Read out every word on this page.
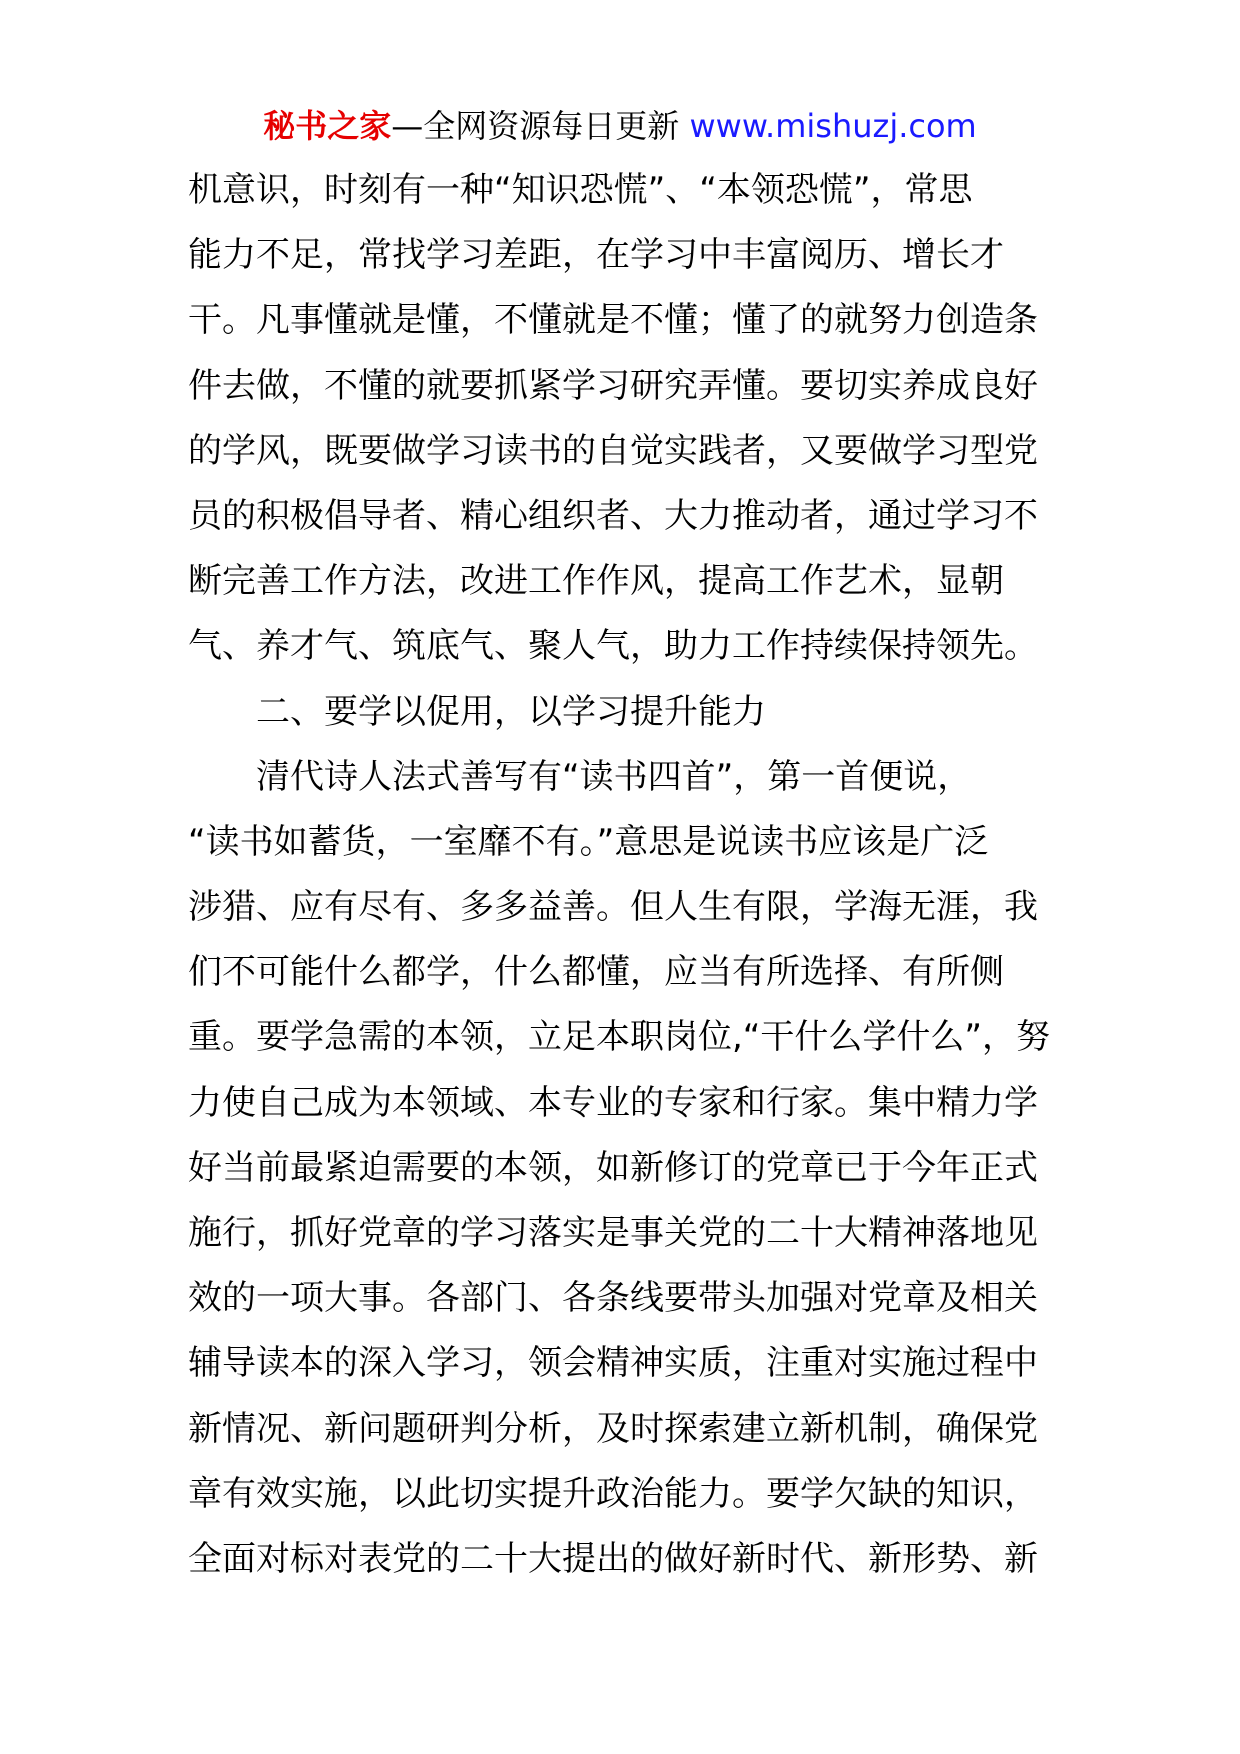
秘书之家—全网资源每日更新 www.mishuzj.com
机意识，时刻有一种“知识恐慌”、“本领恐慌”，常思
能力不足，常找学习差距，在学习中丰富阅历、增长才
干。凡事懂就是懂，不懂就是不懂；懂了的就努力创造条
件去做，不懂的就要抓紧学习研究弄懂。要切实养成良好
的学风，既要做学习读书的自觉实践者，又要做学习型党
员的积极倡导者、精心组织者、大力推动者，通过学习不
断完善工作方法，改进工作作风，提高工作艺术，显朝
气、养才气、筑底气、聚人气，助力工作持续保持领先。
二、要学以促用，以学习提升能力
清代诗人法式善写有“读书四首”，第一首便说，
“读书如蓄货，一室靡不有。”意思是说读书应该是广泛
涉猎、应有尽有、多多益善。但人生有限，学海无涯，我
们不可能什么都学，什么都懂，应当有所选择、有所侧
重。要学急需的本领，立足本职岗位,“干什么学什么”，努
力使自己成为本领域、本专业的专家和行家。集中精力学
好当前最紧迫需要的本领，如新修订的党章已于今年正式
施行，抓好党章的学习落实是事关党的二十大精神落地见
效的一项大事。各部门、各条线要带头加强对党章及相关
辅导读本的深入学习，领会精神实质，注重对实施过程中
新情况、新问题研判分析，及时探索建立新机制，确保党
章有效实施，以此切实提升政治能力。要学欠缺的知识，
全面对标对表党的二十大提出的做好新时代、新形势、新
